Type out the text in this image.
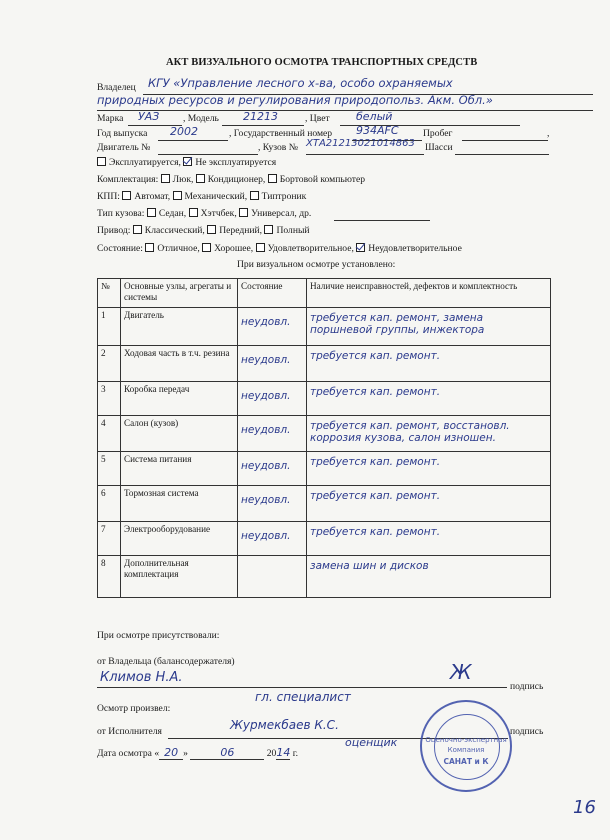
АКТ ВИЗУАЛЬНОГО ОСМОТРА ТРАНСПОРТНЫХ СРЕДСТВ
Владелец КГУ «Управление лесного х-ва, особо охраняемых
природных ресурсов и регулирования природопольз. Акм. Обл.»
Марка УАЗ , Модель 21213	, Цвет белый
Год выпуска 2002	, Государственный номер 934AFC	Пробег	,
Двигатель №	, Кузов № ХТА21213021014863 Шасси
Эксплуатируется, Не эксплуатируется
Комплектация: Люк, Кондиционер, Бортовой компьютер
КПП: Автомат, Механический, Типтроник
Тип кузова: Седан, Хэтчбек, Универсал, др.
Привод: Классический, Передний, Полный
Состояние: Отличное, Хорошее, Удовлетворительное, Неудовлетворительное
При визуальном осмотре установлено:
№	Основные узлы, агрегаты и системы	Состояние	Наличие неисправностей, дефектов и комплектность
1	Двигатель	неудовл.	требуется кап. ремонт, замена поршневой группы, инжектора

2	Ходовая часть в т.ч. резина	неудовл.	требуется кап. ремонт.

3	Коробка передач	неудовл.	требуется кап. ремонт.

4	Салон (кузов)	неудовл.	требуется кап. ремонт, восстановл. коррозия кузова, салон изношен.

5	Система питания	неудовл.	требуется кап. ремонт.

6	Тормозная система	неудовл.	требуется кап. ремонт.

7	Электрооборудование	неудовл.	требуется кап. ремонт.

8	Дополнительная комплектация		замена шин и дисков
При осмотре присутствовали:
от Владельца (балансодержателя)
Климов Н.А.	Ж
подпись
гл. специалист
Осмотр произвел:
от Исполнителя	Журмекбаев К.С.	подпись
оценщик
Дата осмотра « 20 »	06	2014 г.
Оценочно-экспертная
Компания
САНАТ и К
16
